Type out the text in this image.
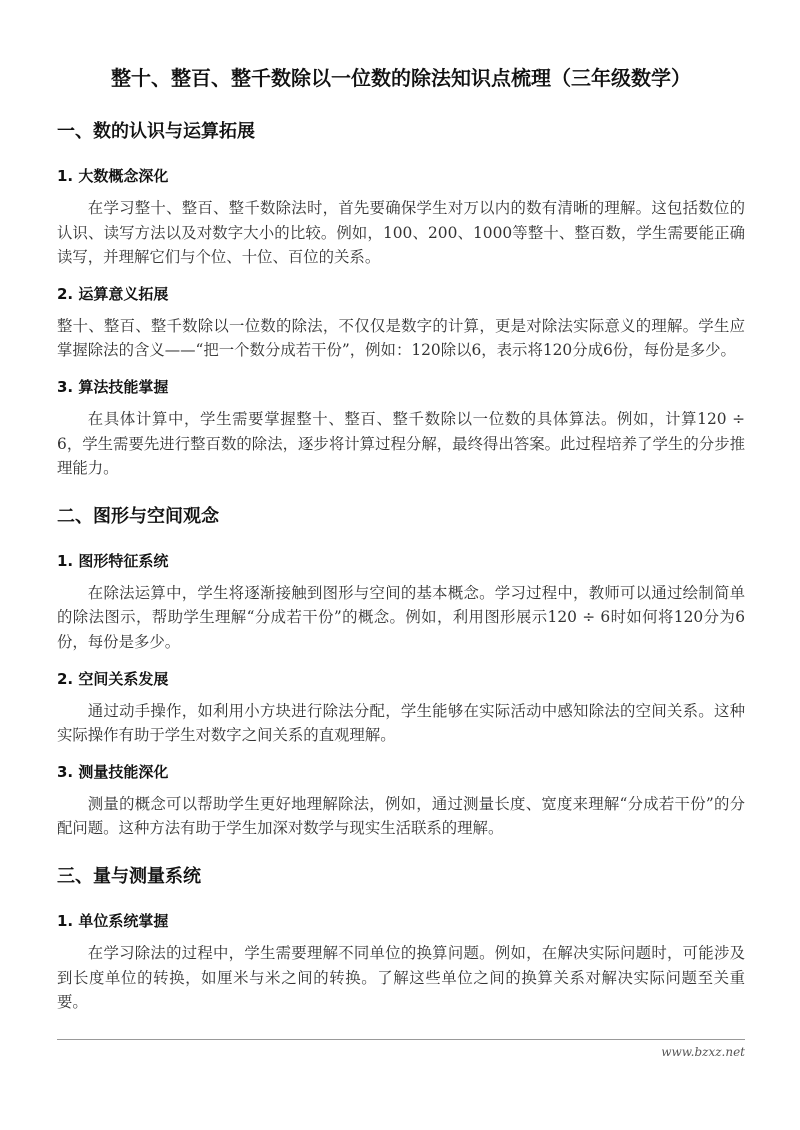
整十、整百、整千数除以一位数的除法知识点梳理（三年级数学）
一、数的认识与运算拓展
1. 大数概念深化

在学习整十、整百、整千数除法时，首先要确保学生对万以内的数有清晰的理解。这包括数位的认识、读写方法以及对数字大小的比较。例如，100、200、1000等整十、整百数，学生需要能正确读写，并理解它们与个位、十位、百位的关系。

2. 运算意义拓展

整十、整百、整千数除以一位数的除法，不仅仅是数字的计算，更是对除法实际意义的理解。学生应掌握除法的含义——“把一个数分成若干份”，例如：120除以6，表示将120分成6份，每份是多少。

3. 算法技能掌握

在具体计算中，学生需要掌握整十、整百、整千数除以一位数的具体算法。例如，计算120 ÷ 6，学生需要先进行整百数的除法，逐步将计算过程分解，最终得出答案。此过程培养了学生的分步推理能力。

二、图形与空间观念
1. 图形特征系统

在除法运算中，学生将逐渐接触到图形与空间的基本概念。学习过程中，教师可以通过绘制简单的除法图示，帮助学生理解“分成若干份”的概念。例如，利用图形展示120 ÷ 6时如何将120分为6份，每份是多少。

2. 空间关系发展

通过动手操作，如利用小方块进行除法分配，学生能够在实际活动中感知除法的空间关系。这种实际操作有助于学生对数字之间关系的直观理解。

3. 测量技能深化

测量的概念可以帮助学生更好地理解除法，例如，通过测量长度、宽度来理解“分成若干份”的分配问题。这种方法有助于学生加深对数学与现实生活联系的理解。

三、量与测量系统
1. 单位系统掌握

在学习除法的过程中，学生需要理解不同单位的换算问题。例如，在解决实际问题时，可能涉及到长度单位的转换，如厘米与米之间的转换。了解这些单位之间的换算关系对解决实际问题至关重要。

www.bzxz.net
